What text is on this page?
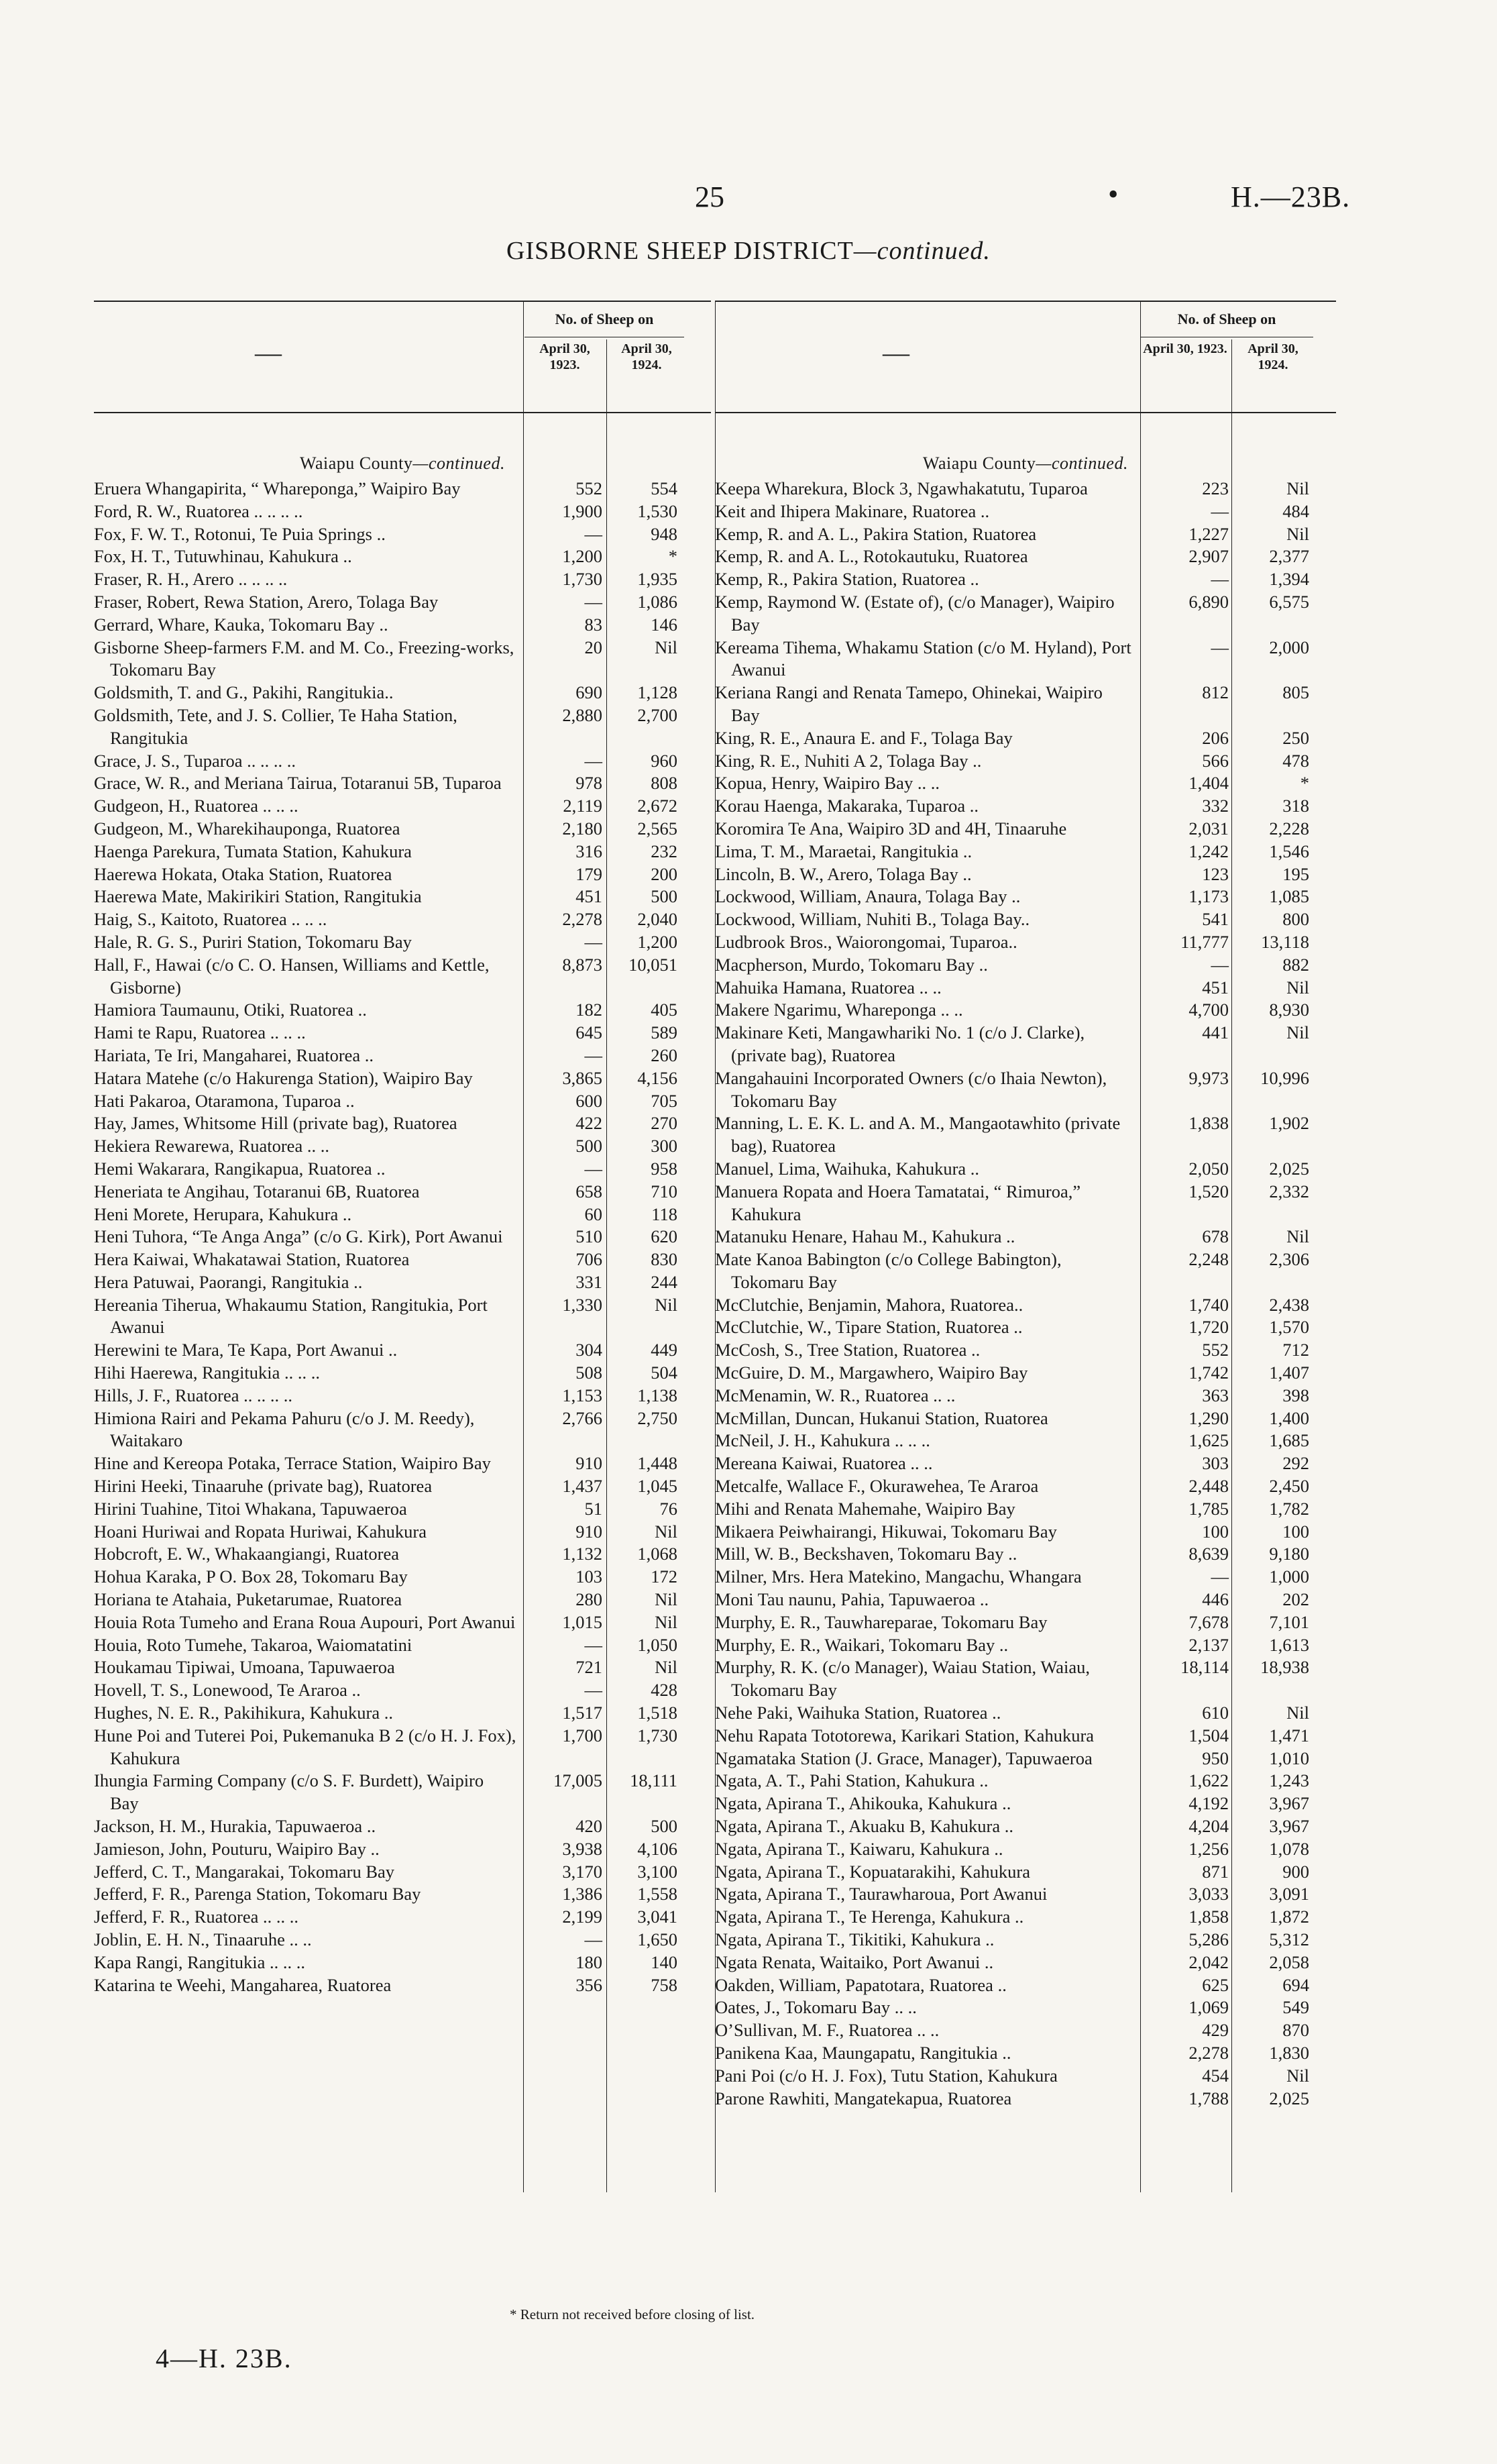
25	•	H.—23B.
GISBORNE SHEEP DISTRICT—continued.
—
No. of Sheep on
April 30, 1923.
April 30, 1924.
Waiapu County—continued.
Eruera Whangapirita, “ Wharepongа,” Waipiro Bay	552	554
Ford, R. W., Ruatorea .. .. .. ..	1,900	1,530
Fox, F. W. T., Rotonui, Te Puia Springs ..	—	948
Fox, H. T., Tutuwhinau, Kahukura ..	1,200	*
Fraser, R. H., Arero .. .. .. ..	1,730	1,935
Fraser, Robert, Rewa Station, Arero, Tolaga Bay	—	1,086
Gerrard, Whare, Kauka, Tokomaru Bay ..	83	146
Gisborne Sheep-farmers F.M. and M. Co., Freezing-works, Tokomaru Bay
20	Nil
Goldsmith, T. and G., Pakihi, Rangitukia..	690	1,128
Goldsmith, Tete, and J. S. Collier, Te Haha Station, Rangitukia
2,880	2,700
Grace, J. S., Tuparoa .. .. .. ..	—	960
Grace, W. R., and Meriana Tairua, Totaranui 5B, Tuparoa	978	808
Gudgeon, H., Ruatorea .. .. ..	2,119	2,672
Gudgeon, M., Wharekihauponga, Ruatorea	2,180	2,565
Haenga Parekura, Tumata Station, Kahukura	316	232
Haerewa Hokata, Otaka Station, Ruatorea	179	200
Haerewa Mate, Makirikiri Station, Rangitukia	451	500
Haig, S., Kaitoto, Ruatorea .. .. ..	2,278	2,040
Hale, R. G. S., Puriri Station, Tokomaru Bay	—	1,200
Hall, F., Hawai (c/o C. O. Hansen, Williams and Kettle, Gisborne)
8,873	10,051
Hamiora Taumaunu, Otiki, Ruatorea ..	182	405
Hami te Rapu, Ruatorea .. .. ..	645	589
Hariata, Te Iri, Mangaharei, Ruatorea ..	—	260
Hatara Matehe (c/o Hakurenga Station), Waipiro Bay	3,865	4,156
Hati Pakaroa, Otaramona, Tuparoa ..	600	705
Hay, James, Whitsome Hill (private bag), Ruatorea	422	270
Hekiera Rewarewa, Ruatorea .. ..	500	300
Hemi Wakarara, Rangikapua, Ruatorea ..	—	958
Heneriata te Angihau, Totaranui 6B, Ruatorea	658	710
Heni Morete, Herupara, Kahukura ..	60	118
Heni Tuhora, “Te Anga Anga” (c/o G. Kirk), Port Awanui	510	620
Hera Kaiwai, Whakatawai Station, Ruatorea	706	830
Hera Patuwai, Paorangi, Rangitukia ..	331	244
Hereania Tiherua, Whakaumu Station, Rangitukia, Port Awanui
1,330	Nil
Herewini te Mara, Te Kapa, Port Awanui ..	304	449
Hihi Haerewa, Rangitukia .. .. ..	508	504
Hills, J. F., Ruatorea .. .. .. ..	1,153	1,138
Himiona Rairi and Pekama Pahuru (c/o J. M. Reedy), Waitakaro
2,766	2,750
Hine and Kereopa Potaka, Terrace Station, Waipiro Bay	910	1,448
Hirini Heeki, Tinaaruhe (private bag), Ruatorea	1,437	1,045
Hirini Tuahine, Titoi Whakana, Tapuwaeroa	51	76
Hoani Huriwai and Ropata Huriwai, Kahukura	910	Nil
Hobcroft, E. W., Whakaangiangi, Ruatorea	1,132	1,068
Hohua Karaka, P O. Box 28, Tokomaru Bay	103	172
Horiana te Atahaia, Puketarumae, Ruatorea	280	Nil
Houia Rota Tumeho and Erana Roua Aupouri, Port Awanui	1,015	Nil
Houia, Roto Tumehe, Takaroa, Waiomatatini	—	1,050
Houkamau Tipiwai, Umoana, Tapuwaeroa	721	Nil
Hovell, T. S., Lonewood, Te Araroa ..	—	428
Hughes, N. E. R., Pakihikura, Kahukura ..	1,517	1,518
Hune Poi and Tuterei Poi, Pukemanuka B 2 (c/o H. J. Fox), Kahukura
1,700	1,730
Ihungia Farming Company (c/o S. F. Burdett), Waipiro Bay
17,005	18,111
Jackson, H. M., Hurakia, Tapuwaeroa ..	420	500
Jamieson, John, Pouturu, Waipiro Bay ..	3,938	4,106
Jefferd, C. T., Mangarakai, Tokomaru Bay	3,170	3,100
Jefferd, F. R., Parenga Station, Tokomaru Bay	1,386	1,558
Jefferd, F. R., Ruatorea .. .. ..	2,199	3,041
Joblin, E. H. N., Tinaaruhe .. ..	—	1,650
Kapa Rangi, Rangitukia .. .. ..	180	140
Katarina te Weehi, Mangaharea, Ruatorea	356	758
—
No. of Sheep on
April 30, 1923.	April 30, 1924.
Waiapu County—continued.
Keepa Wharekura, Block 3, Ngawhakatutu, Tuparoa	223	Nil
Keit and Ihipera Makinare, Ruatorea ..	—	484
Kemp, R. and A. L., Pakira Station, Ruatorea	1,227	Nil
Kemp, R. and A. L., Rotokautuku, Ruatorea	2,907	2,377
Kemp, R., Pakira Station, Ruatorea ..	—	1,394
Kemp, Raymond W. (Estate of), (c/o Manager), Waipiro Bay
6,890	6,575
Kereama Tihema, Whakamu Station (c/o M. Hyland), Port Awanui
—	2,000
Keriana Rangi and Renata Tamepo, Ohinekai, Waipiro Bay
812	805
King, R. E., Anaura E. and F., Tolaga Bay	206	250
King, R. E., Nuhiti A 2, Tolaga Bay ..	566	478
Kopua, Henry, Waipiro Bay .. ..	1,404	*
Korau Haenga, Makaraka, Tuparoa ..	332	318
Koromira Te Ana, Waipiro 3D and 4H, Tinaaruhe	2,031	2,228
Lima, T. M., Maraetai, Rangitukia ..	1,242	1,546
Lincoln, B. W., Arero, Tolaga Bay ..	123	195
Lockwood, William, Anaura, Tolaga Bay ..	1,173	1,085
Lockwood, William, Nuhiti B., Tolaga Bay..	541	800
Ludbrook Bros., Waiorongomai, Tuparoa..	11,777	13,118
Macpherson, Murdo, Tokomaru Bay ..	—	882
Mahuika Hamana, Ruatorea .. ..	451	Nil
Makere Ngarimu, Whareponga .. ..	4,700	8,930
Makinare Keti, Mangawhariki No. 1 (c/o J. Clarke), (private bag), Ruatorea
441	Nil
Mangahauini Incorporated Owners (c/o Ihaia Newton), Tokomaru Bay
9,973	10,996
Manning, L. E. K. L. and A. M., Mangaotawhito (private bag), Ruatorea
1,838	1,902
Manuel, Lima, Waihuka, Kahukura ..	2,050	2,025
Manuera Ropata and Hoera Tamatatai, “ Rimuroa,” Kahukura
1,520	2,332
Matanuku Henare, Hahau M., Kahukura ..	678	Nil
Mate Kanoa Babington (c/o College Babington), Tokomaru Bay
2,248	2,306
McClutchie, Benjamin, Mahora, Ruatorea..	1,740	2,438
McClutchie, W., Tipare Station, Ruatorea ..	1,720	1,570
McCosh, S., Tree Station, Ruatorea ..	552	712
McGuire, D. M., Margawhero, Waipiro Bay	1,742	1,407
McMenamin, W. R., Ruatorea .. ..	363	398
McMillan, Duncan, Hukanui Station, Ruatorea	1,290	1,400
McNeil, J. H., Kahukura .. .. ..	1,625	1,685
Mereana Kaiwai, Ruatorea .. ..	303	292
Metcalfe, Wallace F., Okurawehea, Te Araroa	2,448	2,450
Mihi and Renata Mahemahe, Waipiro Bay	1,785	1,782
Mikaera Peiwhairangi, Hikuwai, Tokomaru Bay	100	100
Mill, W. B., Beckshaven, Tokomaru Bay ..	8,639	9,180
Milner, Mrs. Hera Matekino, Mangachu, Whangara	—	1,000
Moni Tau naunu, Pahia, Tapuwaeroa ..	446	202
Murphy, E. R., Tauwhareparae, Tokomaru Bay	7,678	7,101
Murphy, E. R., Waikari, Tokomaru Bay ..	2,137	1,613
Murphy, R. K. (c/o Manager), Waiau Station, Waiau, Tokomaru Bay
18,114	18,938
Nehe Paki, Waihuka Station, Ruatorea ..	610	Nil
Nehu Rapata Tototorewa, Karikari Station, Kahukura	1,504	1,471
Ngamataka Station (J. Grace, Manager), Tapuwaeroa	950	1,010
Ngata, A. T., Pahi Station, Kahukura ..	1,622	1,243
Ngata, Apirana T., Ahikouka, Kahukura ..	4,192	3,967
Ngata, Apirana T., Akuaku B, Kahukura ..	4,204	3,967
Ngata, Apirana T., Kaiwaru, Kahukura ..	1,256	1,078
Ngata, Apirana T., Kopuatarakihi, Kahukura	871	900
Ngata, Apirana T., Taurawharoua, Port Awanui	3,033	3,091
Ngata, Apirana T., Te Herenga, Kahukura ..	1,858	1,872
Ngata, Apirana T., Tikitiki, Kahukura ..	5,286	5,312
Ngata Renata, Waitaiko, Port Awanui ..	2,042	2,058
Oakden, William, Papatotara, Ruatorea ..	625	694
Oates, J., Tokomaru Bay .. ..	1,069	549
O’Sullivan, M. F., Ruatorea .. ..	429	870
Panikena Kaa, Maungapatu, Rangitukia ..	2,278	1,830
Pani Poi (c/o H. J. Fox), Tutu Station, Kahukura	454	Nil
Parone Rawhiti, Mangatekapua, Ruatorea	1,788	2,025
* Return not received before closing of list.
4—H. 23B.
